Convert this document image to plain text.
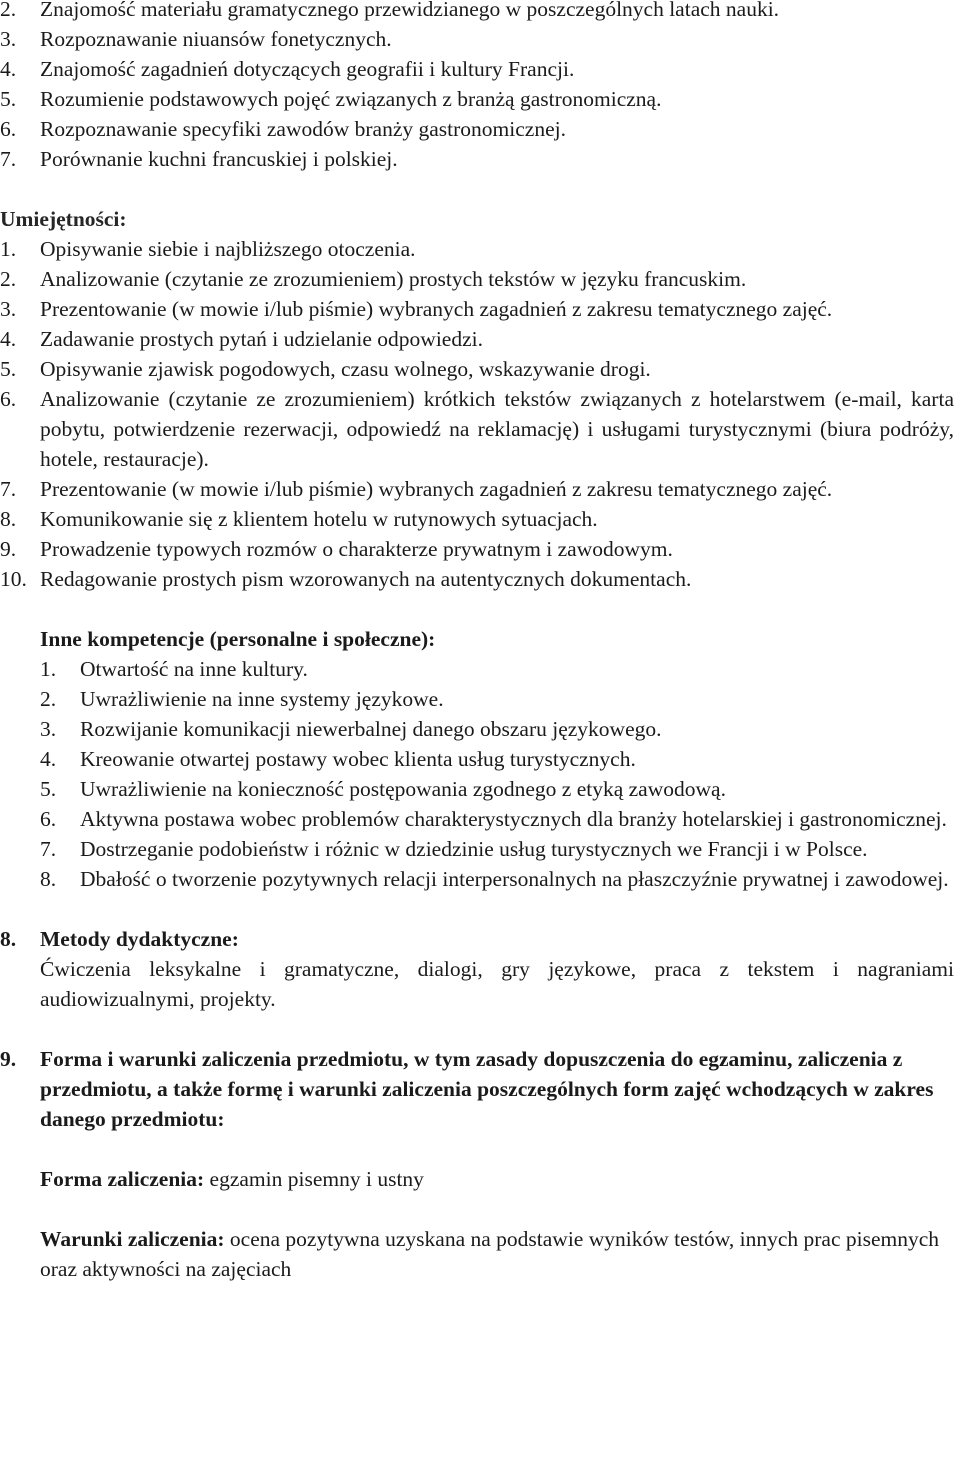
2.	Znajomość materiału gramatycznego przewidzianego w poszczególnych latach nauki.
3.	Rozpoznawanie niuansów fonetycznych.
4.	Znajomość zagadnień dotyczących geografii i kultury Francji.
5.	Rozumienie podstawowych pojęć związanych z branżą gastronomiczną.
6.	Rozpoznawanie specyfiki zawodów branży gastronomicznej.
7.	Porównanie kuchni francuskiej i polskiej.
Umiejętności:
1.	Opisywanie siebie i najbliższego otoczenia.
2.	Analizowanie (czytanie ze zrozumieniem) prostych tekstów w języku francuskim.
3.	Prezentowanie (w mowie i/lub piśmie) wybranych zagadnień z zakresu tematycznego zajęć.
4.	Zadawanie prostych pytań i udzielanie odpowiedzi.
5.	Opisywanie zjawisk pogodowych, czasu wolnego, wskazywanie drogi.
6.	Analizowanie (czytanie ze zrozumieniem) krótkich tekstów związanych z hotelarstwem (e-mail, karta pobytu, potwierdzenie rezerwacji, odpowiedź na reklamację) i usługami turystycznymi (biura podróży, hotele, restauracje).
7.	Prezentowanie (w mowie i/lub piśmie) wybranych zagadnień z zakresu tematycznego zajęć.
8.	Komunikowanie się z klientem hotelu w rutynowych sytuacjach.
9.	Prowadzenie typowych rozmów o charakterze prywatnym i zawodowym.
10. Redagowanie prostych pism wzorowanych na autentycznych dokumentach.
Inne kompetencje (personalne i społeczne):
1.	Otwartość na inne kultury.
2.	Uwrażliwienie na inne systemy językowe.
3.	Rozwijanie komunikacji niewerbalnej danego obszaru językowego.
4.	Kreowanie otwartej postawy wobec klienta usług turystycznych.
5.	Uwrażliwienie na konieczność postępowania zgodnego z etyką zawodową.
6.	Aktywna postawa wobec problemów charakterystycznych dla branży hotelarskiej i gastronomicznej.
7.	Dostrzeganie podobieństw i różnic w dziedzinie usług turystycznych we Francji i w Polsce.
8.	Dbałość o tworzenie pozytywnych relacji interpersonalnych na płaszczyźnie prywatnej i zawodowej.
8.	Metody dydaktyczne:
Ćwiczenia leksykalne i gramatyczne, dialogi, gry językowe, praca z tekstem i nagraniami audiowizualnymi, projekty.
9.	Forma i warunki zaliczenia przedmiotu, w tym zasady dopuszczenia do egzaminu, zaliczenia z przedmiotu, a także formę i warunki zaliczenia poszczególnych form zajęć wchodzących w zakres danego przedmiotu:
Forma zaliczenia: egzamin pisemny i ustny
Warunki zaliczenia: ocena pozytywna uzyskana na podstawie wyników testów, innych prac pisemnych oraz aktywności na zajęciach
